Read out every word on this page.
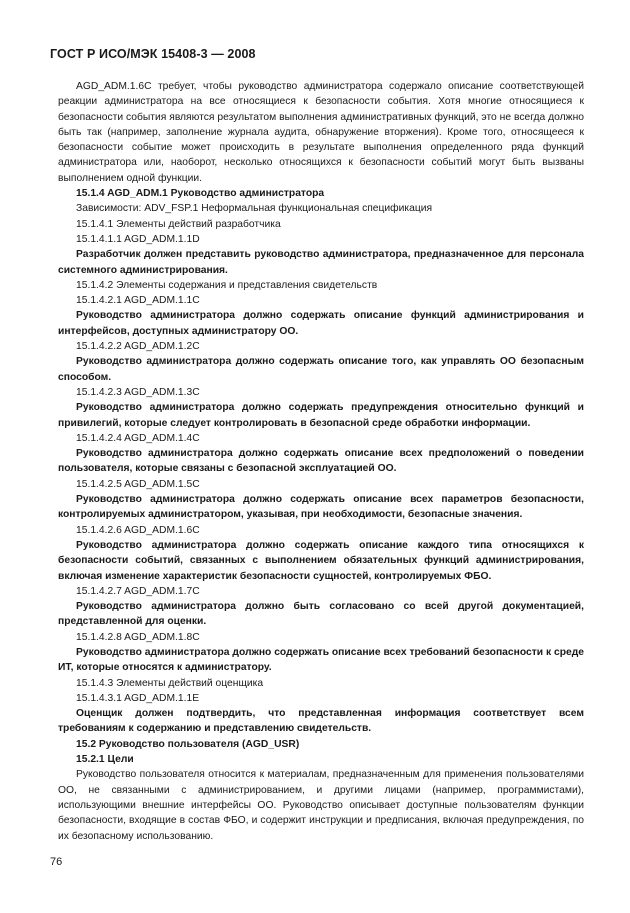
ГОСТ Р ИСО/МЭК 15408-3 — 2008

AGD_ADM.1.6C требует, чтобы руководство администратора содержало описание соответствующей реакции администратора на все относящиеся к безопасности события. Хотя многие относящиеся к безопасности события являются результатом выполнения административных функций, это не всегда должно быть так (например, заполнение журнала аудита, обнаружение вторжения). Кроме того, относящееся к безопасности событие может происходить в результате выполнения определенного ряда функций администратора или, наоборот, несколько относящихся к безопасности событий могут быть вызваны выполнением одной функции.

15.1.4 AGD_ADM.1 Руководство администратора

Зависимости: ADV_FSP.1 Неформальная функциональная спецификация

15.1.4.1 Элементы действий разработчика

15.1.4.1.1 AGD_ADM.1.1D

Разработчик должен представить руководство администратора, предназначенное для персонала системного администрирования.

15.1.4.2 Элементы содержания и представления свидетельств

15.1.4.2.1 AGD_ADM.1.1C

Руководство администратора должно содержать описание функций администрирования и интерфейсов, доступных администратору ОО.

15.1.4.2.2 AGD_ADM.1.2C

Руководство администратора должно содержать описание того, как управлять ОО безопасным способом.

15.1.4.2.3 AGD_ADM.1.3C

Руководство администратора должно содержать предупреждения относительно функций и привилегий, которые следует контролировать в безопасной среде обработки информации.

15.1.4.2.4 AGD_ADM.1.4C

Руководство администратора должно содержать описание всех предположений о поведении пользователя, которые связаны с безопасной эксплуатацией ОО.

15.1.4.2.5 AGD_ADM.1.5C

Руководство администратора должно содержать описание всех параметров безопасности, контролируемых администратором, указывая, при необходимости, безопасные значения.

15.1.4.2.6 AGD_ADM.1.6C

Руководство администратора должно содержать описание каждого типа относящихся к безопасности событий, связанных с выполнением обязательных функций администрирования, включая изменение характеристик безопасности сущностей, контролируемых ФБО.

15.1.4.2.7 AGD_ADM.1.7C

Руководство администратора должно быть согласовано со всей другой документацией, представленной для оценки.

15.1.4.2.8 AGD_ADM.1.8C

Руководство администратора должно содержать описание всех требований безопасности к среде ИТ, которые относятся к администратору.

15.1.4.3 Элементы действий оценщика

15.1.4.3.1 AGD_ADM.1.1E

Оценщик должен подтвердить, что представленная информация соответствует всем требованиям к содержанию и представлению свидетельств.

15.2 Руководство пользователя (AGD_USR)

15.2.1 Цели

Руководство пользователя относится к материалам, предназначенным для применения пользователями ОО, не связанными с администрированием, и другими лицами (например, программистами), использующими внешние интерфейсы ОО. Руководство описывает доступные пользователям функции безопасности, входящие в состав ФБО, и содержит инструкции и предписания, включая предупреждения, по их безопасному использованию.

76
